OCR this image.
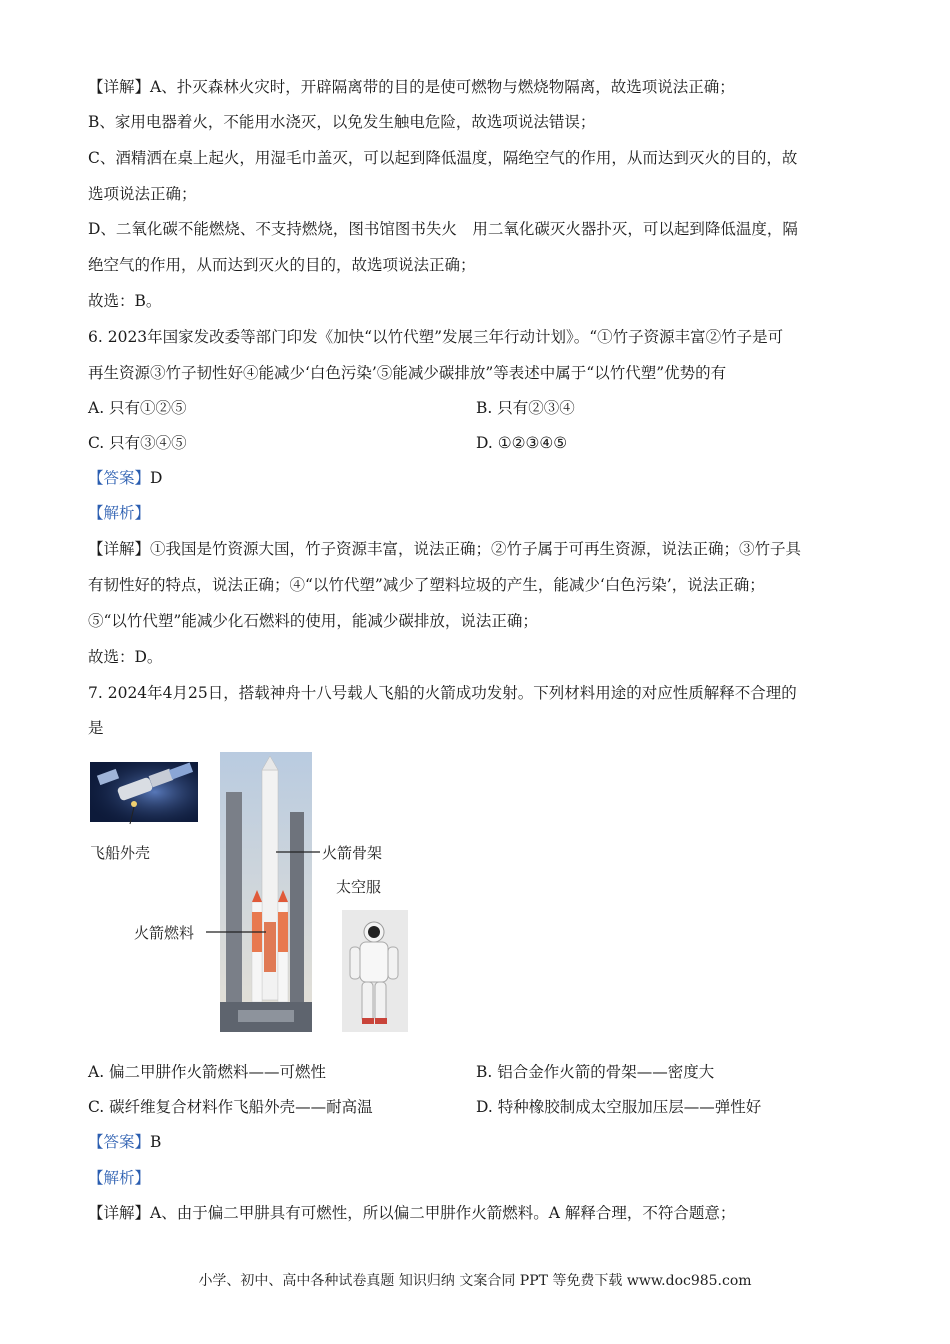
【详解】A、扑灭森林火灾时，开辟隔离带的目的是使可燃物与燃烧物隔离，故选项说法正确；
B、家用电器着火，不能用水浇灭，以免发生触电危险，故选项说法错误；
C、酒精洒在桌上起火，用湿毛巾盖灭，可以起到降低温度，隔绝空气的作用，从而达到灭火的目的，故
选项说法正确；
D、二氧化碳不能燃烧、不支持燃烧，图书馆图书失火　用二氧化碳灭火器扑灭，可以起到降低温度，隔
绝空气的作用，从而达到灭火的目的，故选项说法正确；
故选：B。
6. 2023年国家发改委等部门印发《加快“以竹代塑”发展三年行动计划》。“①竹子资源丰富②竹子是可
再生资源③竹子韧性好④能减少‘白色污染’⑤能减少碳排放”等表述中属于“以竹代塑”优势的有
A. 只有①②⑤	B. 只有②③④
C. 只有③④⑤	D. ①②③④⑤
【答案】D
【解析】
【详解】①我国是竹资源大国，竹子资源丰富，说法正确；②竹子属于可再生资源，说法正确；③竹子具
有韧性好的特点，说法正确；④“以竹代塑”减少了塑料垃圾的产生，能减少‘白色污染’，说法正确；
⑤“以竹代塑”能减少化石燃料的使用，能减少碳排放，说法正确；
故选：D。
7. 2024年4月25日，搭载神舟十八号载人飞船的火箭成功发射。下列材料用途的对应性质解释不合理的
是
飞船外壳	火箭骨架
太空服
火箭燃料
A. 偏二甲肼作火箭燃料——可燃性	B. 铝合金作火箭的骨架——密度大
C. 碳纤维复合材料作飞船外壳——耐高温	D. 特种橡胶制成太空服加压层——弹性好
【答案】B
【解析】
【详解】A、由于偏二甲肼具有可燃性，所以偏二甲肼作火箭燃料。A 解释合理，不符合题意；
小学、初中、高中各种试卷真题 知识归纳 文案合同 PPT 等免费下载 www.doc985.com
